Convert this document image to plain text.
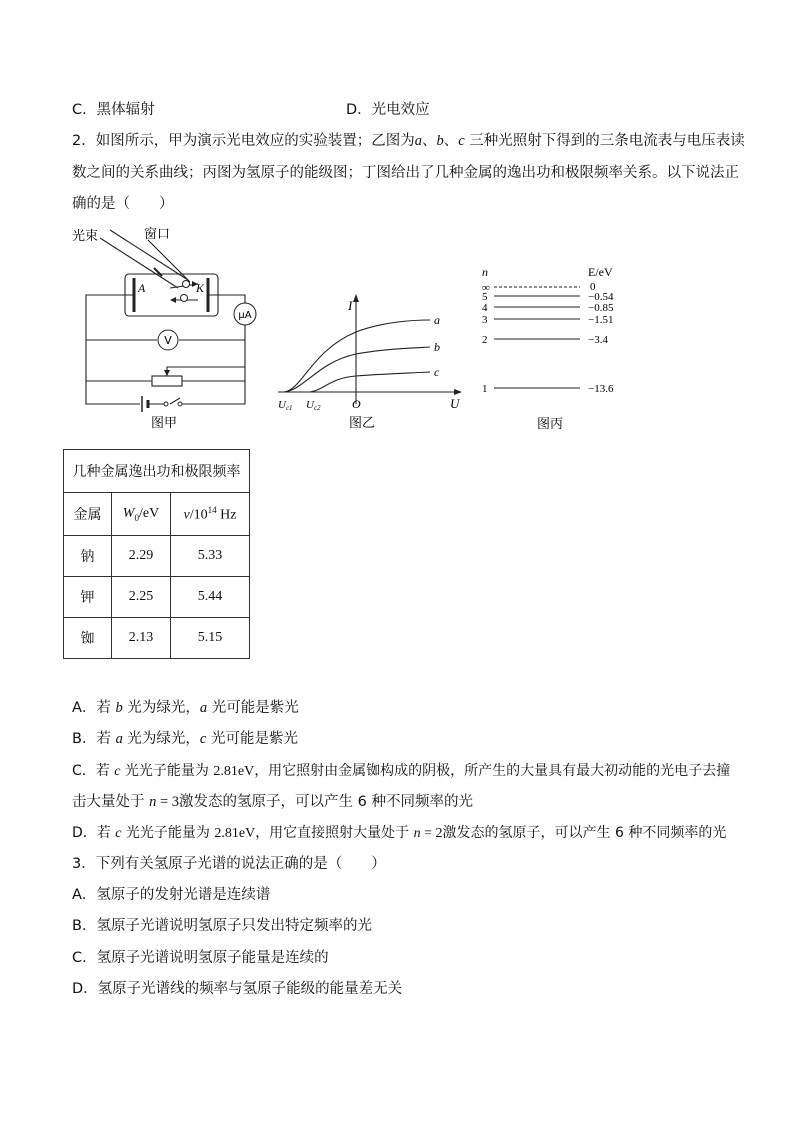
C．黑体辐射	D．光电效应
2．如图所示，甲为演示光电效应的实验装置；乙图为a、b、c 三种光照射下得到的三条电流表与电压表读
数之间的关系曲线；丙图为氢原子的能级图；丁图给出了几种金属的逸出功和极限频率关系。以下说法正
确的是（　　）
μA
V
光束	窗口
A	K
图甲
I
U
O
a
b
c
Uc1 Uc2
图乙
n	E/eV
∞	0
5	−0.54
4	−0.85
3	−1.51
2	−3.4
1	−13.6
图丙
几种金属逸出功和极限频率		
金属	$W_0/eV$	$\nu/10^{14}$ Hz
钠	2.29	5.33
钾	2.25	5.44
铷	2.13	5.15
A．若 b 光为绿光，a 光可能是紫光
B．若 a 光为绿光，c 光可能是紫光
C．若 c 光光子能量为 2.81eV，用它照射由金属铷构成的阴极，所产生的大量具有最大初动能的光电子去撞
击大量处于 n = 3激发态的氢原子，可以产生 6 种不同频率的光
D．若 c 光光子能量为 2.81eV，用它直接照射大量处于 n = 2激发态的氢原子，可以产生 6 种不同频率的光
3．下列有关氢原子光谱的说法正确的是（　　）
A．氢原子的发射光谱是连续谱
B．氢原子光谱说明氢原子只发出特定频率的光
C．氢原子光谱说明氢原子能量是连续的
D．氢原子光谱线的频率与氢原子能级的能量差无关
